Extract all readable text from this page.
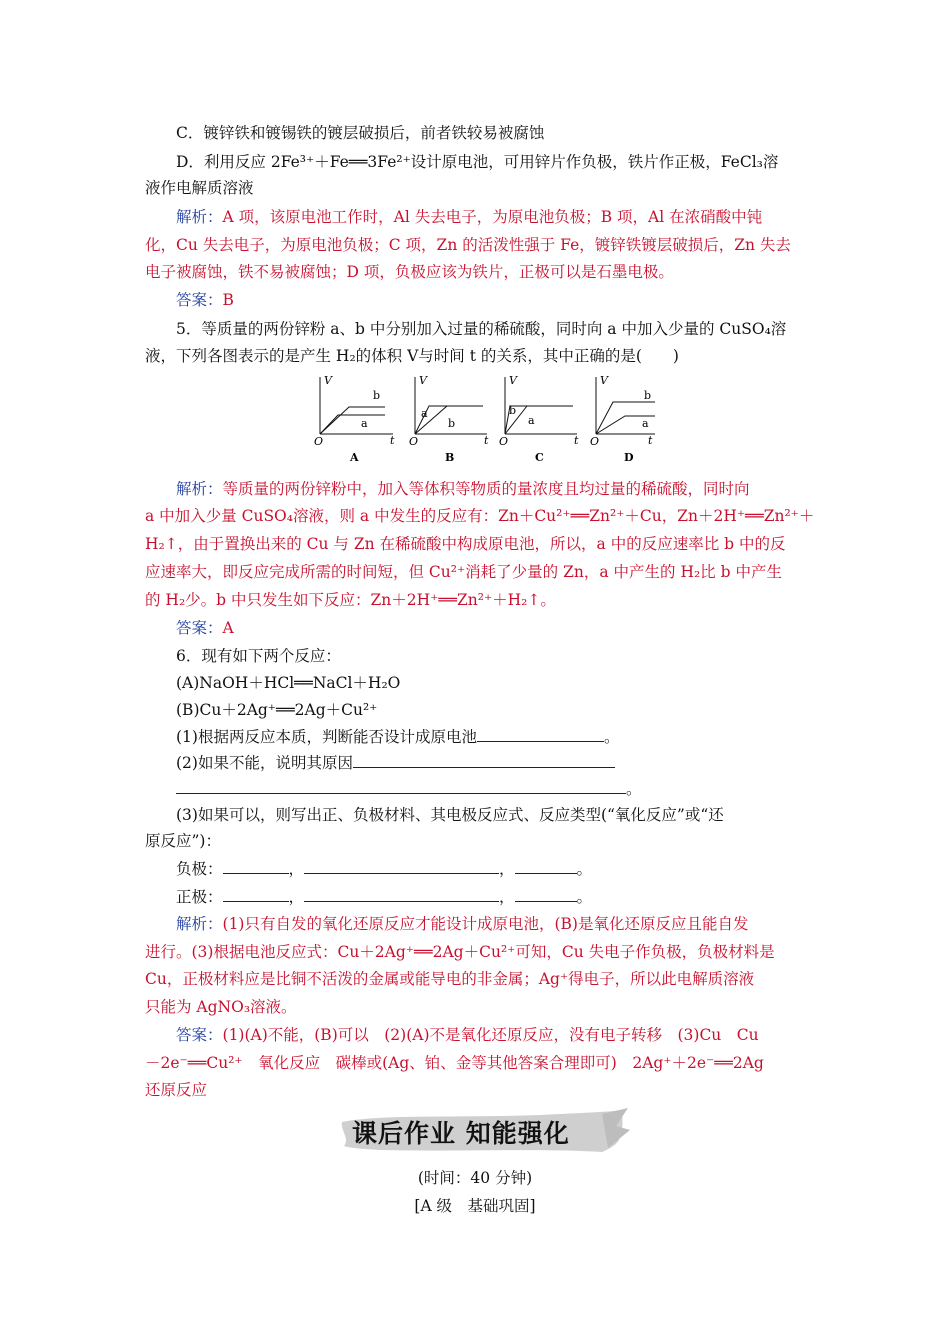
C．镀锌铁和镀锡铁的镀层破损后，前者铁较易被腐蚀
D．利用反应 2Fe³⁺＋Fe══3Fe²⁺设计原电池，可用锌片作负极，铁片作正极，FeCl₃溶
液作电解质溶液
解析：A 项，该原电池工作时，Al 失去电子，为原电池负极；B 项，Al 在浓硝酸中钝
化，Cu 失去电子，为原电池负极；C 项，Zn 的活泼性强于 Fe，镀锌铁镀层破损后，Zn 失去
电子被腐蚀，铁不易被腐蚀；D 项，负极应该为铁片，正极可以是石墨电极。
答案：B
5．等质量的两份锌粉 a、b 中分别加入过量的稀硫酸，同时向 a 中加入少量的 CuSO₄溶
液，下列各图表示的是产生 H₂的体积 V与时间 t 的关系，其中正确的是(　　)
V
t
O
b
a
A
V
t
O
a
b
B
V
t
O
b
a
C
V
t
O
b
a
D
解析：等质量的两份锌粉中，加入等体积等物质的量浓度且均过量的稀硫酸，同时向
a 中加入少量 CuSO₄溶液，则 a 中发生的反应有：Zn＋Cu²⁺══Zn²⁺＋Cu，Zn＋2H⁺══Zn²⁺＋
H₂↑，由于置换出来的 Cu 与 Zn 在稀硫酸中构成原电池，所以，a 中的反应速率比 b 中的反
应速率大，即反应完成所需的时间短，但 Cu²⁺消耗了少量的 Zn，a 中产生的 H₂比 b 中产生
的 H₂少。b 中只发生如下反应：Zn＋2H⁺══Zn²⁺＋H₂↑。
答案：A
6．现有如下两个反应：
(A)NaOH＋HCl══NaCl＋H₂O
(B)Cu＋2Ag⁺══2Ag＋Cu²⁺
(1)根据两反应本质，判断能否设计成原电池	。
(2)如果不能，说明其原因
。
(3)如果可以，则写出正、负极材料、其电极反应式、反应类型(“氧化反应”或“还
原反应”)：
负极：	，	，	。
正极：	，	，	。
解析：(1)只有自发的氧化还原反应才能设计成原电池，(B)是氧化还原反应且能自发
进行。(3)根据电池反应式：Cu＋2Ag⁺══2Ag＋Cu²⁺可知，Cu 失电子作负极，负极材料是
Cu，正极材料应是比铜不活泼的金属或能导电的非金属；Ag⁺得电子，所以此电解质溶液
只能为 AgNO₃溶液。
答案：(1)(A)不能，(B)可以　(2)(A)不是氧化还原反应，没有电子转移　(3)Cu　Cu
－2e⁻══Cu²⁺　氧化反应　碳棒或(Ag、铂、金等其他答案合理即可)　2Ag⁺＋2e⁻══2Ag
还原反应
课后作业 知能强化
(时间：40 分钟)
[A 级　基础巩固]
